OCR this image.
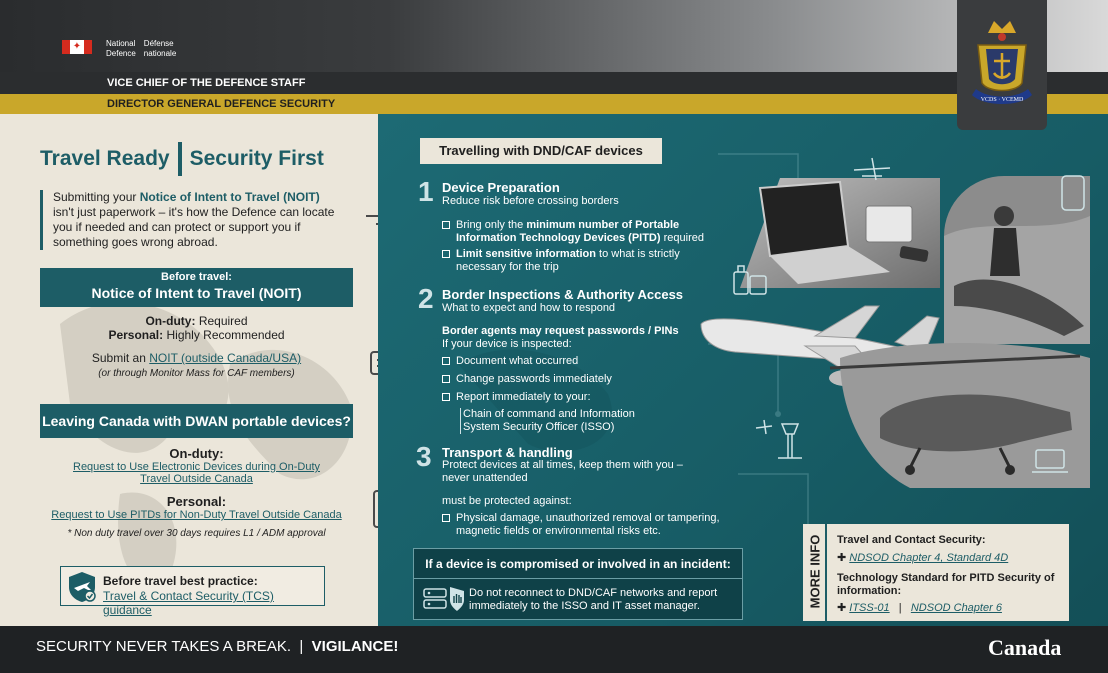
✦	National
Defence
Défense
nationale
VICE CHIEF OF THE DEFENCE STAFF
DIRECTOR GENERAL DEFENCE SECURITY
Travel Ready Security First
Submitting your Notice of Intent to Travel (NOIT) isn't just paperwork – it's how the Defence can locate you if needed and can protect or support you if something goes wrong abroad.
Before travel:
Notice of Intent to Travel (NOIT)
On-duty: Required
Personal: Highly Recommended
Submit an NOIT (outside Canada/USA)
(or through Monitor Mass for CAF members)
Leaving Canada with DWAN portable devices?
On-duty:
Request to Use Electronic Devices during On-Duty Travel Outside Canada
Personal:
Request to Use PITDs for Non-Duty Travel Outside Canada
* Non duty travel over 30 days requires L1 / ADM approval
Before travel best practice:
Travel & Contact Security (TCS) guidance
VCDS · VCEMD
Travelling with DND/CAF devices
1 Device Preparation
Reduce risk before crossing borders
Bring only the minimum number of Portable Information Technology Devices (PITD) required
Limit sensitive information to what is strictly necessary for the trip
2 Border Inspections & Authority Access
What to expect and how to respond
Border agents may request passwords / PINs
If your device is inspected:
Document what occurred
Change passwords immediately
Report immediately to your:
Chain of command and Information System Security Officer (ISSO)
3 Transport & handling
Protect devices at all times, keep them with you – never unattended
must be protected against:
Physical damage, unauthorized removal or tampering, magnetic fields or environmental risks etc.
If a device is compromised or involved in an incident:
Do not reconnect to DND/CAF networks and report immediately to the ISSO and IT asset manager.	MORE INFO Travel and Contact Security:
✚ NDSOD Chapter 4, Standard 4D
Technology Standard for PITD Security of information:
✚ ITSS-01   |   NDSOD Chapter 6
SECURITY NEVER TAKES A BREAK.  |  VIGILANCE!	Canada
